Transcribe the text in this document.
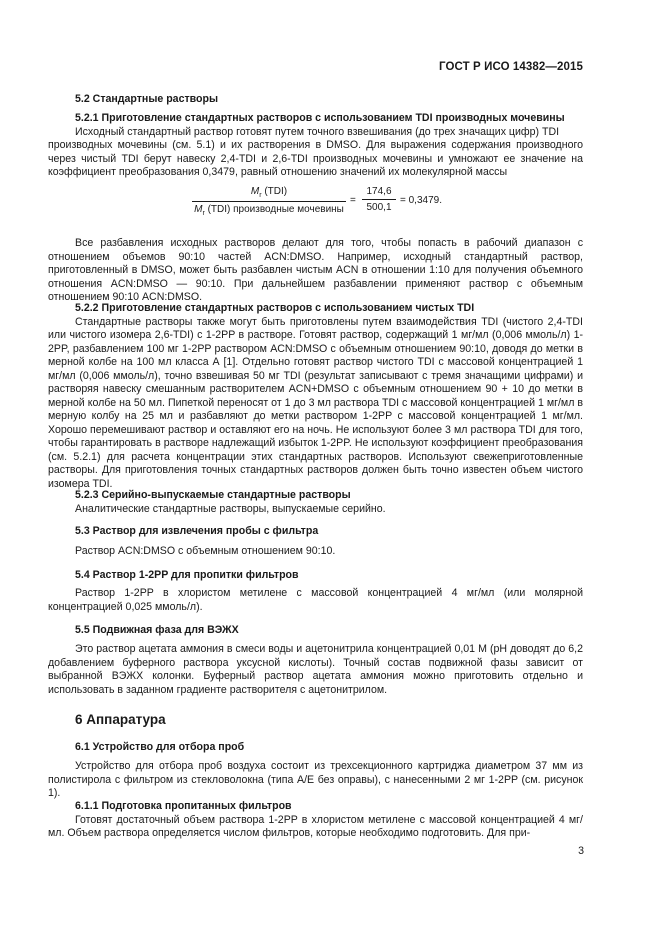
ГОСТ Р ИСО 14382—2015
5.2 Стандартные растворы

5.2.1 Приготовление стандартных растворов с использованием TDI производных мочевины

Исходный стандартный раствор готовят путем точного взвешивания (до трех значащих цифр) TDI

производных мочевины (см. 5.1) и их растворения в DMSO. Для выражения содержания производного через чистый TDI берут навеску 2,4-TDI и 2,6-TDI производных мочевины и умножают ее значение на коэффициент преобразования 0,3479, равный отношению значений их молекулярной массы

$M_r$ (TDI)
$M_r$ (TDI) производные мочевины
= $\frac{174,6}{500,1} = 0,3479$.

Все разбавления исходных растворов делают для того, чтобы попасть в рабочий диапазон с отношением объемов 90:10 частей ACN:DMSO. Например, исходный стандартный раствор, приготовленный в DMSO, может быть разбавлен чистым ACN в отношении 1:10 для получения объемного отношения ACN:DMSO — 90:10. При дальнейшем разбавлении применяют раствор с объемным отношением 90:10 ACN:DMSO.

5.2.2 Приготовление стандартных растворов с использованием чистых TDI

Стандартные растворы также могут быть приготовлены путем взаимодействия TDI (чистого 2,4-TDI или чистого изомера 2,6-TDI) с 1-2PP в растворе. Готовят раствор, содержащий 1 мг/мл (0,006 ммоль/л) 1-2PP, разбавлением 100 мг 1-2PP раствором ACN:DMSO с объемным отношением 90:10, доводя до метки в мерной колбе на 100 мл класса А [1]. Отдельно готовят раствор чистого TDI с массовой концентрацией 1 мг/мл (0,006 ммоль/л), точно взвешивая 50 мг TDI (результат записывают с тремя значащими цифрами) и растворяя навеску смешанным растворителем ACN+DMSO с объемным отношением 90 + 10 до метки в мерной колбе на 50 мл. Пипеткой переносят от 1 до 3 мл раствора TDI с массовой концентрацией 1 мг/мл в мерную колбу на 25 мл и разбавляют до метки раствором 1-2PP с массовой концентрацией 1 мг/мл. Хорошо перемешивают раствор и оставляют его на ночь. Не используют более 3 мл раствора TDI для того, чтобы гарантировать в растворе надлежащий избыток 1-2PP. Не используют коэффициент преобразования (см. 5.2.1) для расчета концентрации этих стандартных растворов. Используют свежеприготовленные растворы. Для приготовления точных стандартных растворов должен быть точно известен объем чистого изомера TDI.

5.2.3 Серийно-выпускаемые стандартные растворы

Аналитические стандартные растворы, выпускаемые серийно.

5.3 Раствор для извлечения пробы с фильтра

Раствор ACN:DMSO с объемным отношением 90:10.

5.4 Раствор 1-2PP для пропитки фильтров

Раствор 1-2PP в хлористом метилене с массовой концентрацией 4 мг/мл (или молярной концентрацией 0,025 ммоль/л).

5.5 Подвижная фаза для ВЭЖХ

Это раствор ацетата аммония в смеси воды и ацетонитрила концентрацией 0,01 М (pH доводят до 6,2 добавлением буферного раствора уксусной кислоты). Точный состав подвижной фазы зависит от выбранной ВЭЖХ колонки. Буферный раствор ацетата аммония можно приготовить отдельно и использовать в заданном градиенте растворителя с ацетонитрилом.

6 Аппаратура
6.1 Устройство для отбора проб

Устройство для отбора проб воздуха состоит из трехсекционного картриджа диаметром 37 мм из полистирола с фильтром из стекловолокна (типа А/Е без оправы), с нанесенными 2 мг 1-2PP (см. рисунок 1).

6.1.1 Подготовка пропитанных фильтров

Готовят достаточный объем раствора 1-2PP в хлористом метилене с массовой концентрацией 4 мг/мл. Объем раствора определяется числом фильтров, которые необходимо подготовить. Для при-

3
